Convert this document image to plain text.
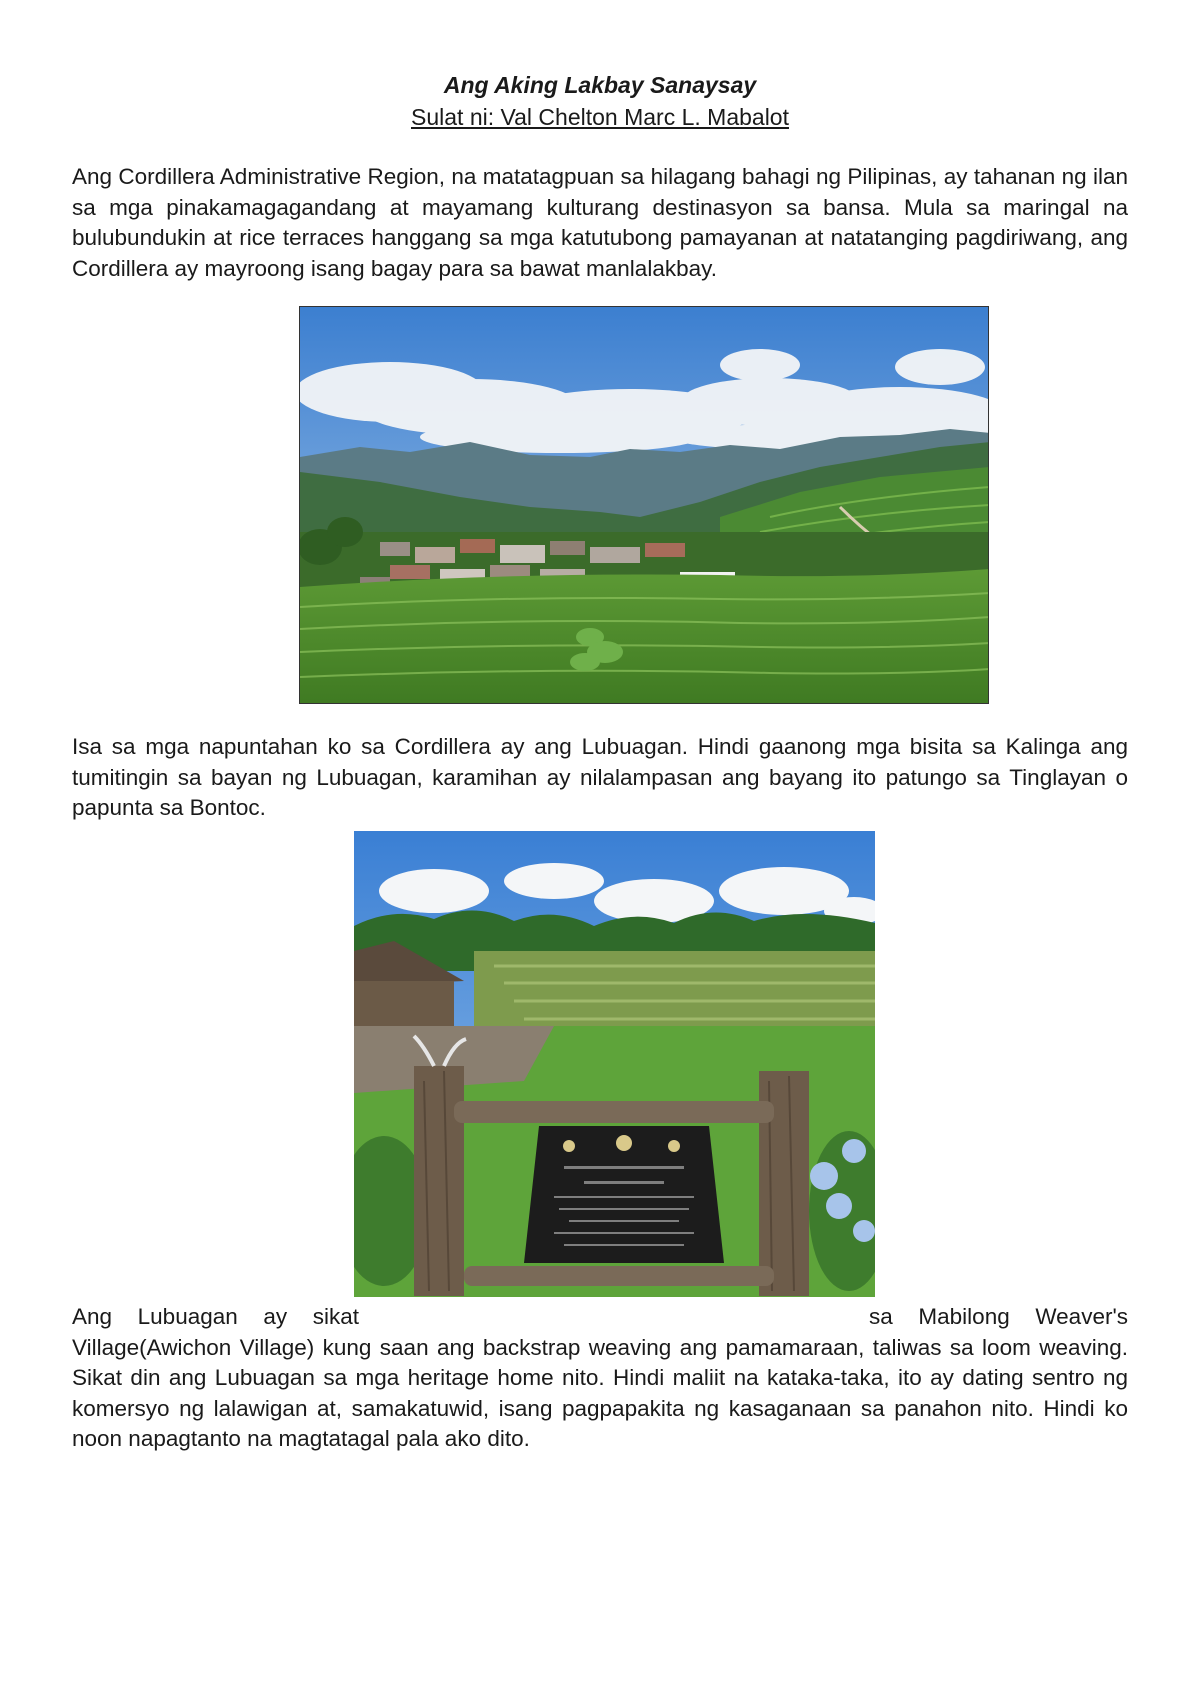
Ang Aking Lakbay Sanaysay
Sulat ni: Val Chelton Marc L. Mabalot

Ang Cordillera Administrative Region, na matatagpuan sa hilagang bahagi ng Pilipinas, ay tahanan ng ilan sa mga pinakamagagandang at mayamang kulturang destinasyon sa bansa. Mula sa maringal na bulubundukin at rice terraces hanggang sa mga katutubong pamayanan at natatanging pagdiriwang, ang Cordillera ay mayroong isang bagay para sa bawat manlalakbay.

Isa sa mga napuntahan ko sa Cordillera ay ang Lubuagan. Hindi gaanong mga bisita sa Kalinga ang tumitingin sa bayan ng Lubuagan, karamihan ay nilalampasan ang bayang ito patungo sa Tinglayan o papunta sa Bontoc.

Ang Lubuagan ay sikat	sa Mabilong Weaver's Village(Awichon Village) kung saan ang backstrap weaving ang pamamaraan, taliwas sa loom weaving. Sikat din ang Lubuagan sa mga heritage home nito. Hindi maliit na kataka-taka, ito ay dating sentro ng komersyo ng lalawigan at, samakatuwid, isang pagpapakita ng kasaganaan sa panahon nito. Hindi ko noon napagtanto na magtatagal pala ako dito.
